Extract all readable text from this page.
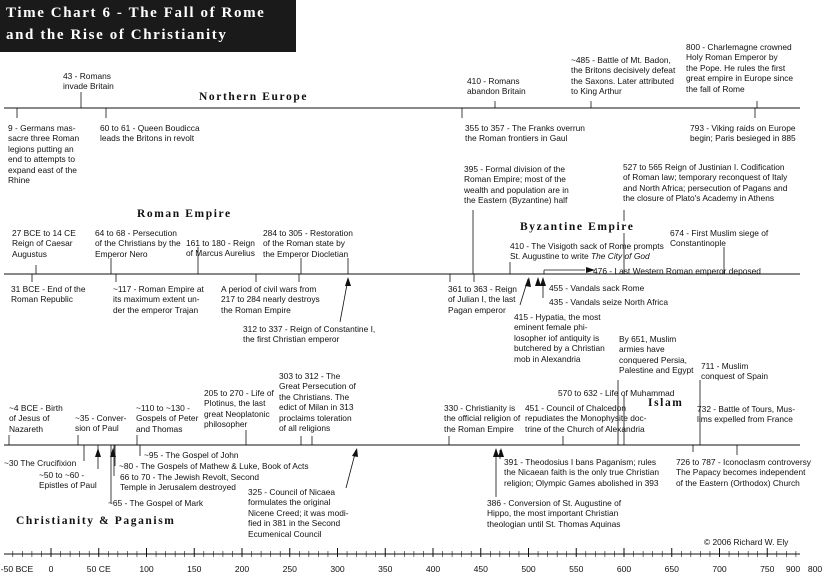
Time Chart 6 - The Fall of Rome
and the Rise of Christianity
Northern Europe
Roman Empire
Byzantine Empire
Islam
Christianity & Paganism
43 - Romans
invade Britain
9 - Germans mas-
sacre three Roman
legions putting an
end to attempts to
expand east of the
Rhine
60 to 61 - Queen Boudicca
leads the Britons in revolt
410 - Romans
abandon Britain
~485 - Battle of Mt. Badon,
the Britons decisively defeat
the Saxons. Later attributed
to King Arthur
800 - Charlemagne crowned
Holy Roman Emperor by
the Pope. He rules the first
great empire in Europe since
the fall of Rome
355 to 357 - The Franks overrun
the Roman frontiers in Gaul
793 - Viking raids on Europe
begin; Paris besieged in 885
395 - Formal division of the
Roman Empire; most of the
wealth and population are in
the Eastern (Byzantine) half
527 to 565 Reign of Justinian I. Codification
of Roman law; temporary reconquest of Italy
and North Africa; persecution of Pagans and
the closure of Plato's Academy in Athens
27 BCE to 14 CE
Reign of Caesar
Augustus
64 to 68 - Persecution
of the Christians by the
Emperor Nero
161 to 180 - Reign
of Marcus Aurelius
284 to 305 - Restoration
of the Roman state by
the Emperor Diocletian
674 - First Muslim siege of
Constantinople
410 - The Visigoth sack of Rome prompts
St. Augustine to write The City of God
476 - Last Western Roman emperor deposed
31 BCE - End of the
Roman Republic
~117 - Roman Empire at
its maximum extent un-
der the emperor Trajan
A period of civil wars from
217 to 284 nearly destroys
the Roman Empire
361 to 363 - Reign
of Julian I, the last
Pagan emperor
455 - Vandals sack Rome
435 - Vandals seize North Africa
312 to 337 - Reign of Constantine I,
the first Christian emperor
415 - Hypatia, the most
eminent female phi-
losopher iof antiquity is
butchered by a Christian
mob in Alexandria
By 651, Muslim
armies have
conquered Persia,
Palestine and Egypt 711 - Muslim
conquest of Spain
570 to 632 - Life of Muhammad
732 - Battle of Tours, Mus-
lims expelled from France
303 to 312 - The
Great Persecution of
the Christians. The
edict of Milan in 313
proclaims toleration
of all religions
205 to 270 - Life of
Plotinus, the last
great Neoplatonic
philosopher
~4 BCE - Birth
of Jesus of
Nazareth
~35 - Conver-
sion of Paul
~110 to ~130 -
Gospels of Peter
and Thomas
330 - Christianity is
the official religion of
the Roman Empire
451 - Council of Chalcedon
repudiates the Monophysite doc-
trine of the Church of Alexandria
~95 - The Gospel of John
~30 The Crucifixion	~80 - The Gospels of Mathew & Luke, Book of Acts
~50 to ~60 -
Epistles of Paul
66 to 70 - The Jewish Revolt, Second
Temple in Jerusalem destroyed
~65 - The Gospel of Mark
325 - Council of Nicaea
formulates the original
Nicene Creed; it was modi-
fied in 381 in the Second
Ecumenical Council
391 - Theodosius I bans Paganism; rules
the Nicaean faith is the only true Christian
religion; Olympic Games abolished in 393
726 to 787 - Iconoclasm controversy
The Papacy becomes independent
of the Eastern (Orthodox) Church
386 - Conversion of St. Augustine of
Hippo, the most important Christian
theologian until St. Thomas Aquinas
© 2006 Richard W. Ely
-50 BCE 0	50 CE	100	150	200	250	300	350	400	450	500	550	600	650	700	750	800
900
